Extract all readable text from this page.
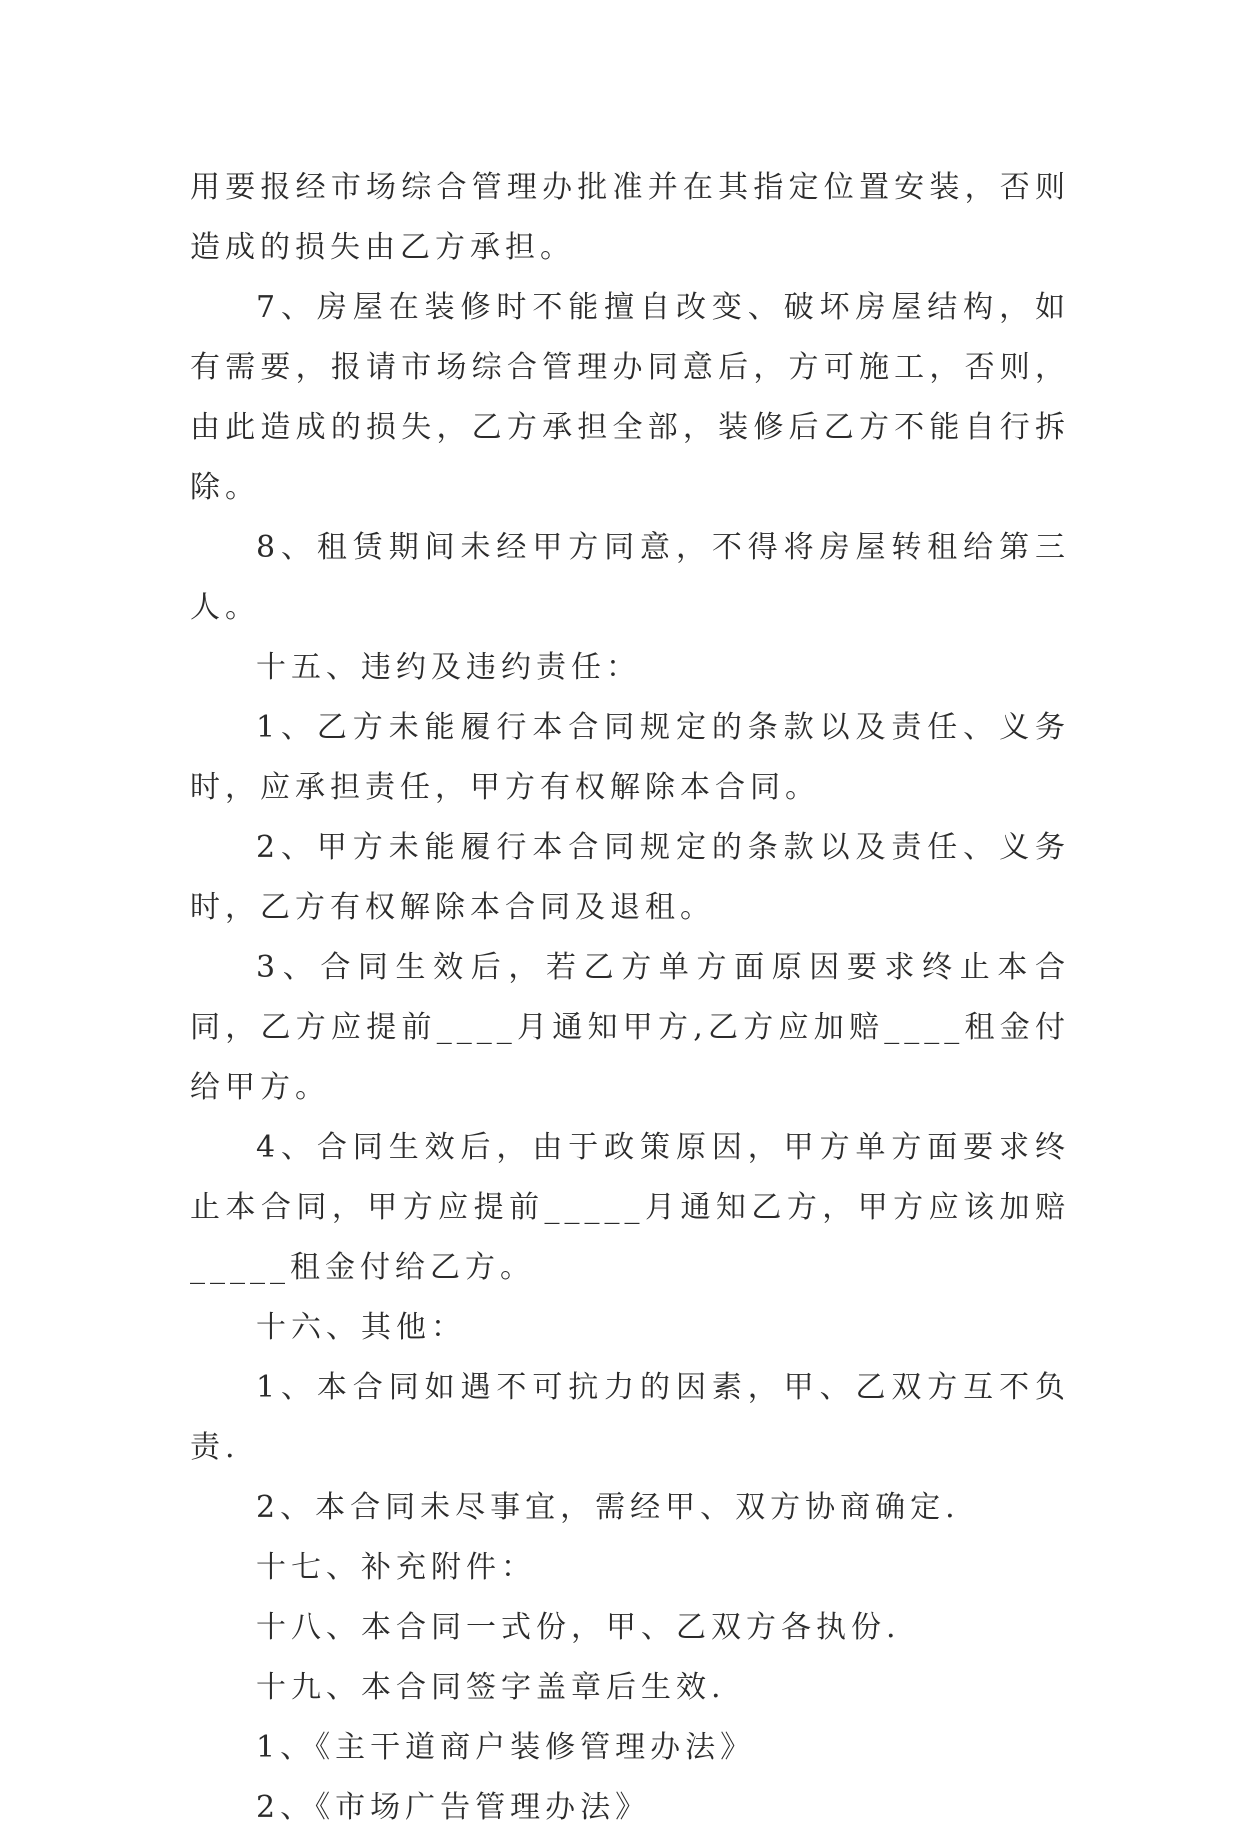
用要报经市场综合管理办批准并在其指定位置安装，否则造成的损失由乙方承担。

7、房屋在装修时不能擅自改变、破坏房屋结构，如有需要，报请市场综合管理办同意后，方可施工，否则，由此造成的损失，乙方承担全部，装修后乙方不能自行拆除。

8、租赁期间未经甲方同意，不得将房屋转租给第三人。

十五、违约及违约责任：

1、乙方未能履行本合同规定的条款以及责任、义务时，应承担责任，甲方有权解除本合同。

2、甲方未能履行本合同规定的条款以及责任、义务时，乙方有权解除本合同及退租。

3、合同生效后，若乙方单方面原因要求终止本合同，乙方应提前____月通知甲方,乙方应加赔____租金付给甲方。

4、合同生效后，由于政策原因，甲方单方面要求终止本合同，甲方应提前_____月通知乙方，甲方应该加赔_____租金付给乙方。

十六、其他：

1、本合同如遇不可抗力的因素，甲、乙双方互不负责.

2、本合同未尽事宜，需经甲、双方协商确定.

十七、补充附件：

十八、本合同一式份，甲、乙双方各执份.

十九、本合同签字盖章后生效.

1、《主干道商户装修管理办法》

2、《市场广告管理办法》
